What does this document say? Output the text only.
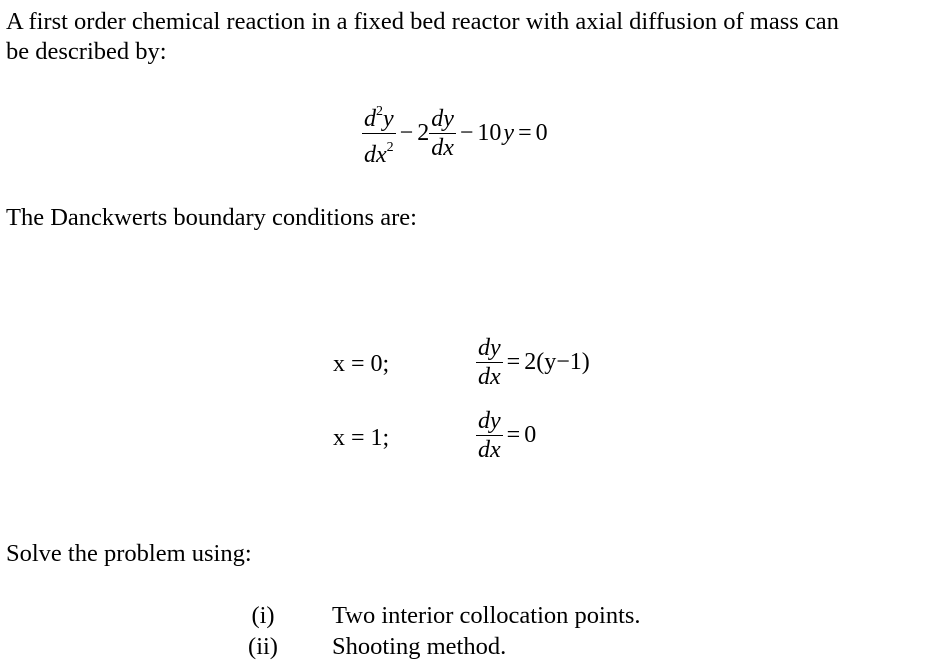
A first order chemical reaction in a fixed bed reactor with axial diffusion of mass can

be described by:

$\frac{d^2y}{dx^2} - 2 \frac{dy}{dx} - 10$ y = 0

The Danckwerts boundary conditions are:

x = 0;	$\frac{dy}{dx} = 2(y-1)$
x = 1;	$\frac{dy}{dx} = 0$

Solve the problem using:

(i)	Two interior collocation points.
(ii)	Shooting method.
